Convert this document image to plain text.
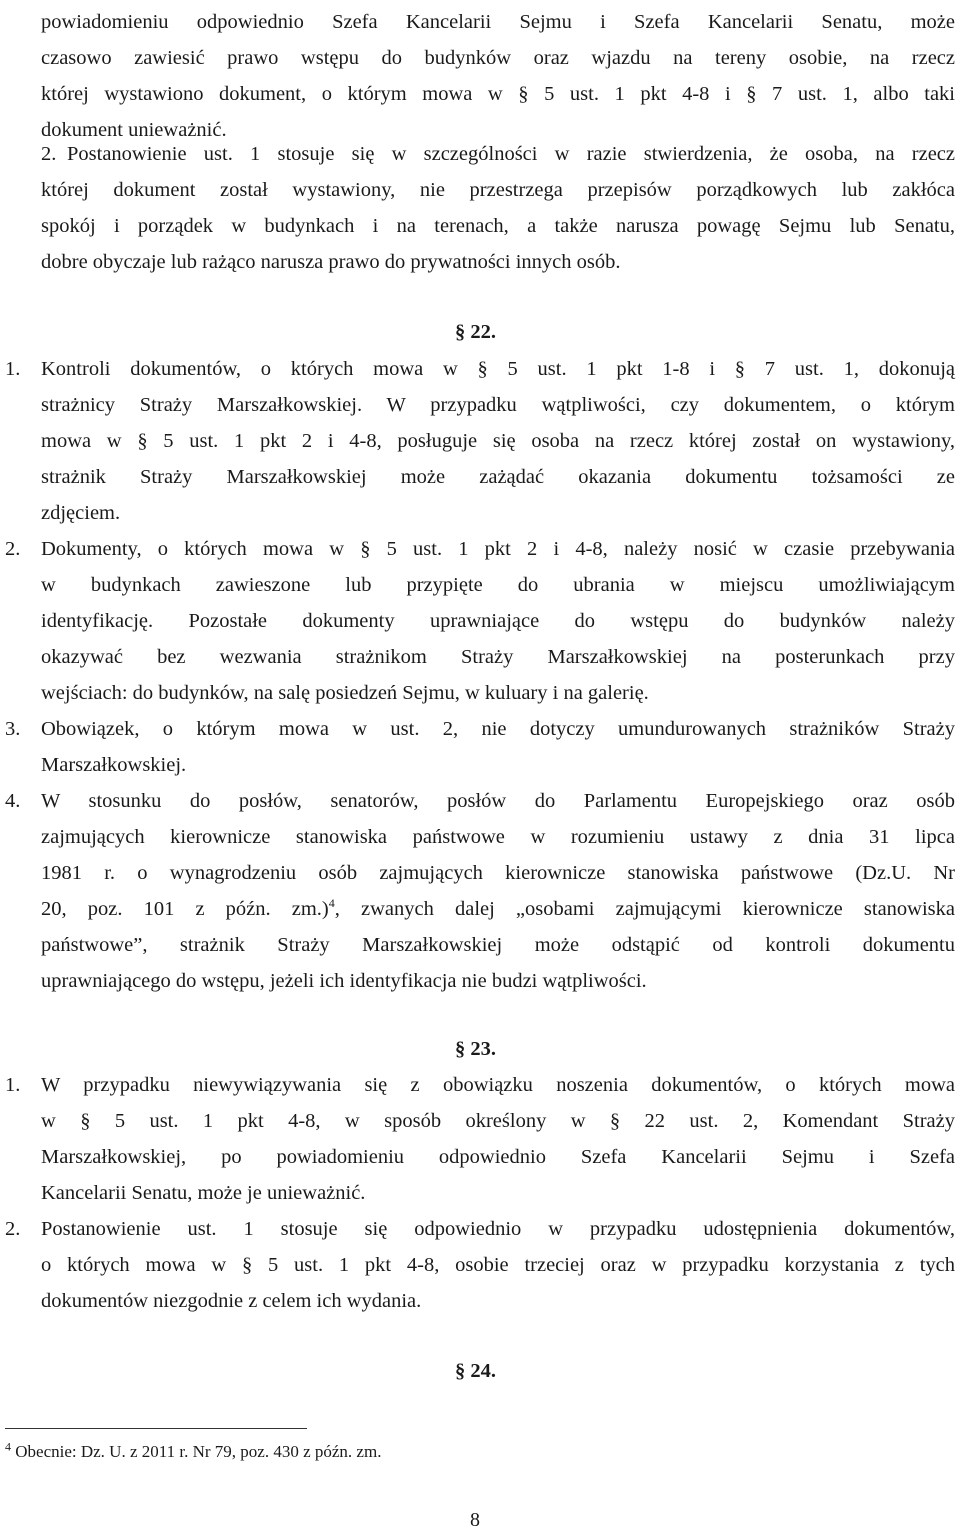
powiadomieniu odpowiednio Szefa Kancelarii Sejmu i Szefa Kancelarii Senatu, może
czasowo zawiesić prawo wstępu do budynków oraz wjazdu na tereny osobie, na rzecz
której wystawiono dokument, o którym mowa w § 5 ust. 1 pkt 4-8 i § 7 ust. 1, albo taki
dokument unieważnić.
2. Postanowienie ust. 1 stosuje się w szczególności w razie stwierdzenia, że osoba, na rzecz
której dokument został wystawiony, nie przestrzega przepisów porządkowych lub zakłóca
spokój i porządek w budynkach i na terenach, a także narusza powagę Sejmu lub Senatu,
dobre obyczaje lub rażąco narusza prawo do prywatności innych osób.
§ 22.
1. Kontroli dokumentów, o których mowa w § 5 ust. 1 pkt 1-8 i § 7 ust. 1, dokonują
strażnicy Straży Marszałkowskiej. W przypadku wątpliwości, czy dokumentem, o którym
mowa w § 5 ust. 1 pkt 2 i 4-8, posługuje się osoba na rzecz której został on wystawiony,
strażnik Straży Marszałkowskiej może zażądać okazania dokumentu tożsamości ze
zdjęciem.
2. Dokumenty, o których mowa w § 5 ust. 1 pkt 2 i 4-8, należy nosić w czasie przebywania
w budynkach zawieszone lub przypięte do ubrania w miejscu umożliwiającym
identyfikację. Pozostałe dokumenty uprawniające do wstępu do budynków należy
okazywać bez wezwania strażnikom Straży Marszałkowskiej na posterunkach przy
wejściach: do budynków, na salę posiedzeń Sejmu, w kuluary i na galerię.
3. Obowiązek, o którym mowa w ust. 2, nie dotyczy umundurowanych strażników Straży
Marszałkowskiej.
4. W stosunku do posłów, senatorów, posłów do Parlamentu Europejskiego oraz osób
zajmujących kierownicze stanowiska państwowe w rozumieniu ustawy z dnia 31 lipca
1981 r. o wynagrodzeniu osób zajmujących kierownicze stanowiska państwowe (Dz.U. Nr
20, poz. 101 z późn. zm.)$^4$, zwanych dalej „osobami zajmującymi kierownicze stanowiska
państwowe”, strażnik Straży Marszałkowskiej może odstąpić od kontroli dokumentu
uprawniającego do wstępu, jeżeli ich identyfikacja nie budzi wątpliwości.
§ 23.
1. W przypadku niewywiązywania się z obowiązku noszenia dokumentów, o których mowa
w § 5 ust. 1 pkt 4-8, w sposób określony w § 22 ust. 2, Komendant Straży
Marszałkowskiej, po powiadomieniu odpowiednio Szefa Kancelarii Sejmu i Szefa
Kancelarii Senatu, może je unieważnić.
2. Postanowienie ust. 1 stosuje się odpowiednio w przypadku udostępnienia dokumentów,
o których mowa w § 5 ust. 1 pkt 4-8, osobie trzeciej oraz w przypadku korzystania z tych
dokumentów niezgodnie z celem ich wydania.
§ 24.
$^4$ Obecnie: Dz. U. z 2011 r. Nr 79, poz. 430 z późn. zm.
8
